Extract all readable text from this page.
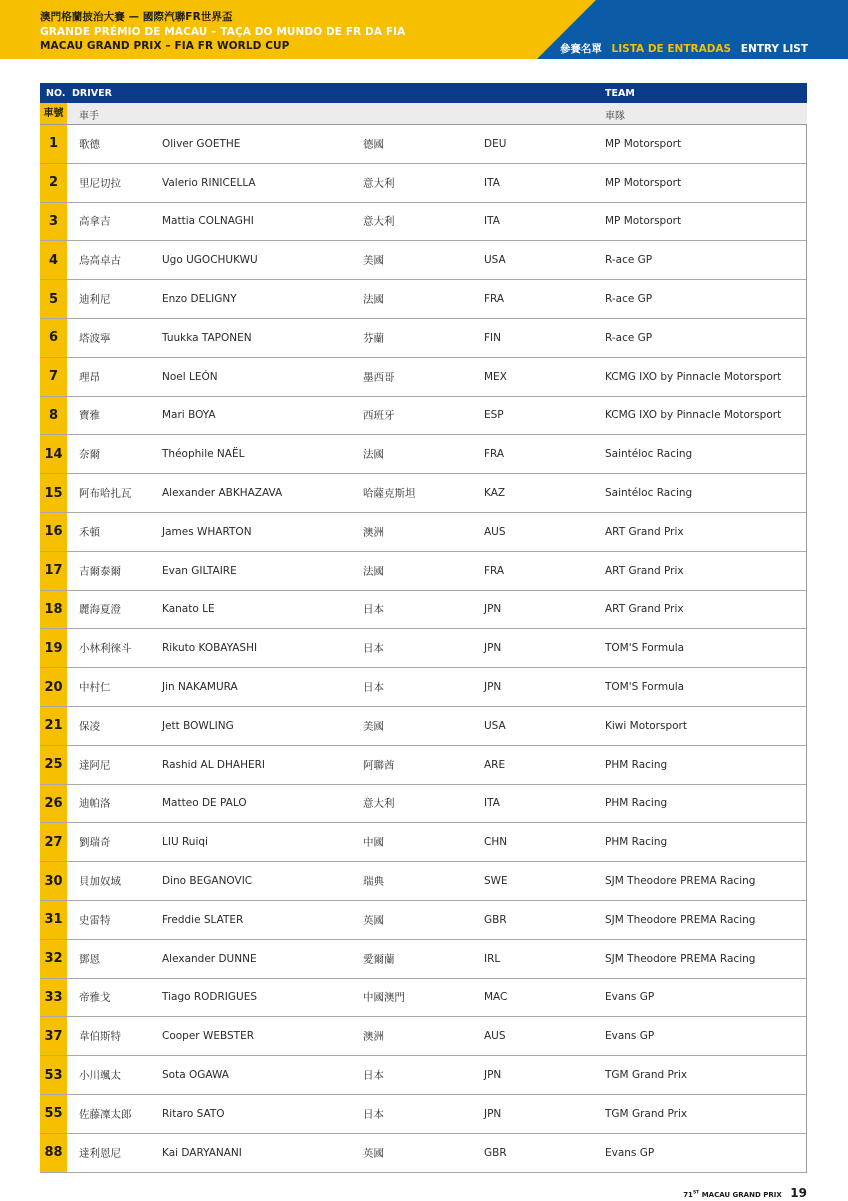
澳門格蘭披治大賽 — 國際汽聯FR世界盃
GRANDE PRÉMIO DE MACAU – TAÇA DO MUNDO DE FR DA FIA
MACAU GRAND PRIX – FIA FR WORLD CUP	參賽名單 LISTA DE ENTRADAS ENTRY LIST
NO. DRIVER	TEAM
車號	車手	車隊
1	歌德	Oliver GOETHE	德國	DEU	MP Motorsport
2	里尼切拉	Valerio RINICELLA	意大利	ITA	MP Motorsport
3	高拿吉	Mattia COLNAGHI	意大利	ITA	MP Motorsport
4	烏高卓古	Ugo UGOCHUKWU	美國	USA	R-ace GP
5	迪利尼	Enzo DELIGNY	法國	FRA	R-ace GP
6	塔波寧	Tuukka TAPONEN	芬蘭	FIN	R-ace GP
7	理昂	Noel LEÓN	墨西哥	MEX	KCMG IXO by Pinnacle Motorsport
8	寶雅	Mari BOYA	西班牙	ESP	KCMG IXO by Pinnacle Motorsport
14	奈爾	Théophile NAËL	法國	FRA	Saintéloc Racing
15	阿布哈扎瓦	Alexander ABKHAZAVA	哈薩克斯坦	KAZ	Saintéloc Racing
16	禾頓	James WHARTON	澳洲	AUS	ART Grand Prix
17	吉爾泰爾	Evan GILTAIRE	法國	FRA	ART Grand Prix
18	麗海夏澄	Kanato LE	日本	JPN	ART Grand Prix
19	小林利徠斗	Rikuto KOBAYASHI	日本	JPN	TOM'S Formula
20	中村仁	Jin NAKAMURA	日本	JPN	TOM'S Formula
21	保凌	Jett BOWLING	美國	USA	Kiwi Motorsport
25	達阿尼	Rashid AL DHAHERI	阿聯酋	ARE	PHM Racing
26	迪帕洛	Matteo DE PALO	意大利	ITA	PHM Racing
27	劉瑞奇	LIU Ruiqi	中國	CHN	PHM Racing
30	貝加奴域	Dino BEGANOVIC	瑞典	SWE	SJM Theodore PREMA Racing
31	史雷特	Freddie SLATER	英國	GBR	SJM Theodore PREMA Racing
32	鄧恩	Alexander DUNNE	愛爾蘭	IRL	SJM Theodore PREMA Racing
33	帝雅戈	Tiago RODRIGUES	中國澳門	MAC	Evans GP
37	韋伯斯特	Cooper WEBSTER	澳洲	AUS	Evans GP
53	小川颯太	Sota OGAWA	日本	JPN	TGM Grand Prix
55	佐藤凜太郎	Ritaro SATO	日本	JPN	TGM Grand Prix
88	達利恩尼	Kai DARYANANI	英國	GBR	Evans GP
71ST MACAU GRAND PRIX 19
